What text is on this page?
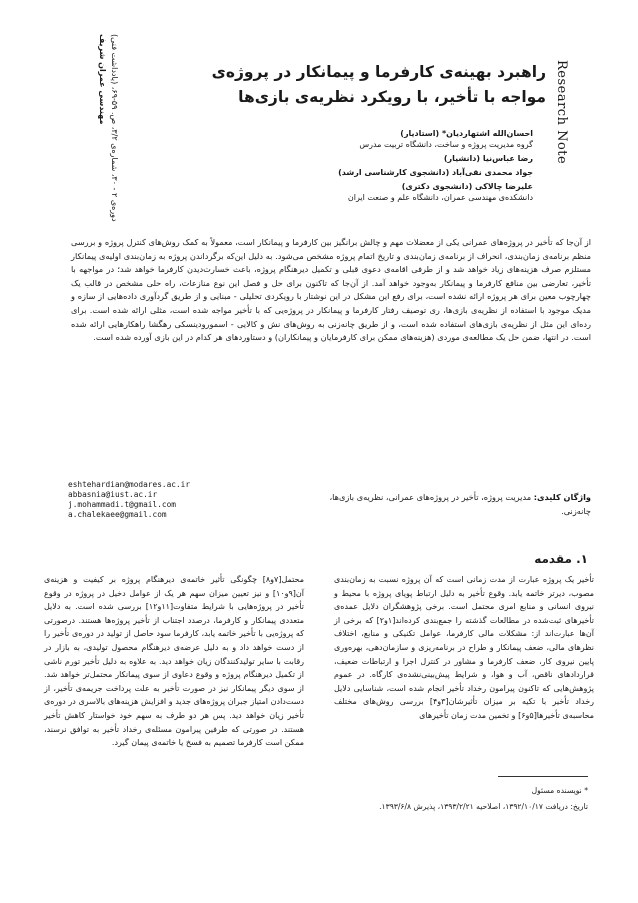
Research Note
مهندسی عمران شریف دوره‌ی ۲ - ۳۰، شماره‌ی ۳/۲، ص. ۵۹-۶۹، (یادداشت فنی)
راهبرد بهینه‌ی کارفرما و پیمانکار در پروژه‌ی مواجه با تأخیر، با رویکرد نظریه‌ی بازی‌ها
احسان‌الله اشتهاردیان* (استادیار)
گروه مدیریت پروژه و ساخت، دانشگاه تربیت مدرس
رضا عباس‌نیا (دانشیار)
جواد محمدی نقی‌آباد (دانشجوی کارشناسی ارشد)
علیرضا چالاکی (دانشجوی دکتری)
دانشکده‌ی مهندسی عمران، دانشگاه علم و صنعت ایران
از آن‌جا که تأخیر در پروژه‌های عمرانی یکی از معضلات مهم و چالش برانگیز بین کارفرما و پیمانکار است، معمولاً به کمک روش‌های کنترل پروژه و بررسی منظم برنامه‌ی زمان‌بندی، انحراف از برنامه‌ی زمان‌بندی و تاریخ اتمام پروژه مشخص می‌شود. به دلیل این‌که برگرداندن پروژه به زمان‌بندی اولیه‌ی پیمانکار مستلزم صرف هزینه‌های زیاد خواهد شد و از طرفی اقامه‌ی دعوی قبلی و تکمیل دیرهنگام پروژه، باعث خسارت‌دیدن کارفرما خواهد شد؛ در مواجهه با تأخیر، تعارضی بین منافع کارفرما و پیمانکار به‌وجود خواهد آمد. از آن‌جا که تاکنون برای حل و فصل این نوع منازعات، راه حلی مشخص در قالب یک چهارچوب معین برای هر پروژه ارائه نشده است، برای رفع این مشکل در این نوشتار با رویکردی تحلیلی - مبنایی و از طریق گردآوری داده‌هایی از سازه و مدیک موجود با استفاده از نظریه‌ی بازی‌ها، ری توصیف رفتار کارفرما و پیمانکار در پروژه‌یی که با تأخیر مواجه شده است، مثلی ارائه شده است. برای رده‌ای این مثل از نظریه‌ی بازی‌های استفاده شده است، و از طریق چانه‌زنی به روش‌های نش و کالایی - اسمورودینسکی رهگشا راهکارهایی ارائه شده است. در انتها، ضمن حل یک مطالعه‌ی موردی (هزینه‌های ممکن برای کارفرمایان و پیمانکاران) و دستاوردهای هر کدام در این بازی آورده شده است.
eshtehardian@modares.ac.ir
abbasnia@iust.ac.ir
j.mohammadi.t@gmail.com
a.chalekaee@gmail.com
واژگان کلیدی: مدیریت پروژه، تأخیر در پروژه‌های عمرانی، نظریه‌ی بازی‌ها، چانه‌زنی.
۱. مقدمه
تأخیر یک پروژه عبارت از مدت زمانی است که آن پروژه نسبت به زمان‌بندی مصوب، دیرتر خاتمه یابد. وقوع تأخیر به دلیل ارتباط پویای پروژه با محیط و نیروی انسانی و منابع امری محتمل است. برخی پژوهشگران دلایل عمده‌ی تأخیرهای ثبت‌شده در مطالعات گذشته را جمع‌بندی کرده‌اند[۱و۲] که برخی از آن‌ها عبارت‌اند از: مشکلات مالی کارفرما، عوامل تکنیکی و منابع، اختلاف نظرهای مالی، ضعف پیمانکار و طراح در برنامه‌ریزی و سازمان‌دهی، بهره‌وری پایین نیروی کار، ضعف کارفرما و مشاور در کنترل اجرا و ارتباطات ضعیف، قراردادهای ناقص، آب و هوا، و شرایط پیش‌بینی‌نشده‌ی کارگاه. در عموم پژوهش‌هایی که تاکنون پیرامون رخداد تأخیر انجام شده است، شناسایی دلایل رخداد تأخیر با تکیه بر میزان تأثیرشان[۳و۴] بررسی روش‌های مختلف محاسبه‌ی تأخیرها[۵و۶] و تخمین مدت زمان تأخیرهای
محتمل[۷و۸] چگونگی تأثیر خاتمه‌ی دیرهنگام پروژه بر کیفیت و هزینه‌ی آن[۹و۱۰] و نیز تعیین میزان سهم هر یک از عوامل دخیل در پروژه در وقوع تأخیر در پروژه‌هایی با شرایط متفاوت[۱۱و۱۲] بررسی شده است. به دلایل متعددی پیمانکار و کارفرما، درصدد اجتناب از تأخیر پروژه‌ها هستند. درصورتی که پروژه‌یی با تأخیر خاتمه یابد، کارفرما سود حاصل از تولید در دوره‌ی تأخیر را از دست خواهد داد و به دلیل عرضه‌ی دیرهنگام محصول تولیدی، به بازار در رقابت با سایر تولیدکنندگان زیان خواهد دید. به علاوه به دلیل تأخیر تورم ناشی از تکمیل دیرهنگام پروژه و وقوع دعاوی از سوی پیمانکار محتمل‌تر خواهد شد. از سوی دیگر پیمانکار نیز در صورت تأخیر به علت پرداخت جریمه‌ی تأخیر، از دست‌دادن امتیاز جبران پروژه‌های جدید و افزایش هزینه‌های بالاسری در دوره‌ی تأخیر زیان خواهد دید. پس هر دو طرف به سهم خود خواستار کاهش تأخیر هستند. در صورتی که طرفین پیرامون مسئله‌ی رخداد تأخیر به توافق نرسند، ممکن است کارفرما تصمیم به فسخ یا خاتمه‌ی پیمان گیرد.
* نویسنده مسئول
تاریخ: دریافت ۱۳۹۲/۱۰/۱۷، اصلاحیه ۱۳۹۳/۲/۲۱، پذیرش ۱۳۹۳/۶/۸.
